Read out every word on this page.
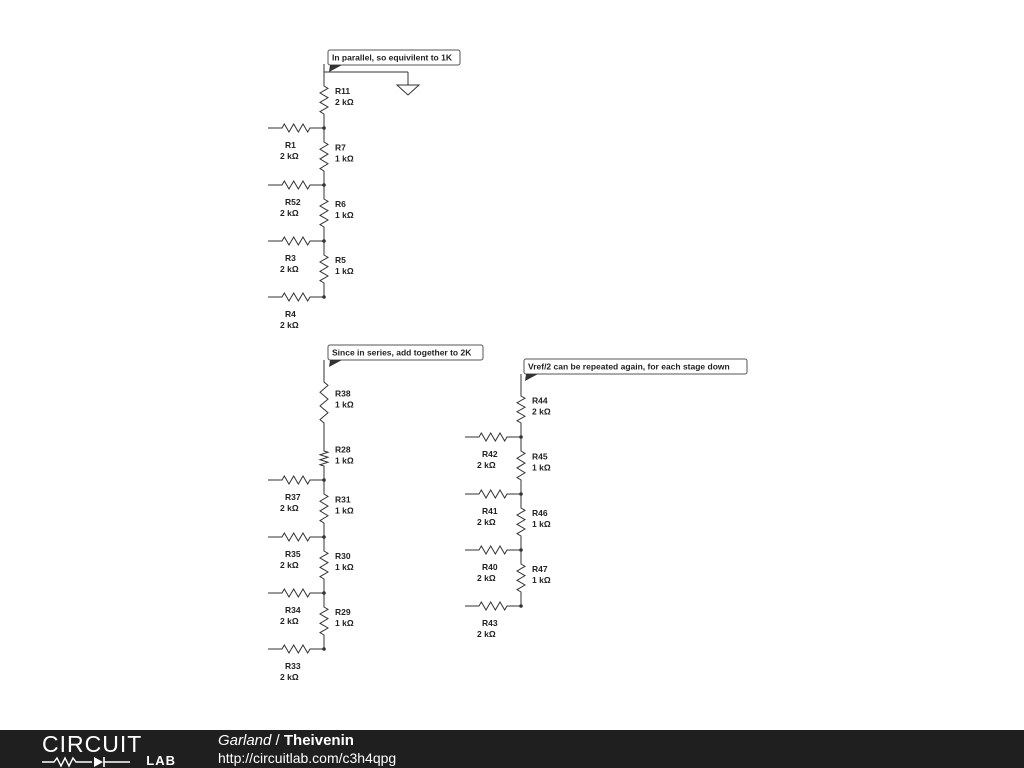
R11
2 kΩ
R7
1 kΩ
R6
1 kΩ
R5
1 kΩ
R1
2 kΩ
R52
2 kΩ
R3
2 kΩ
R4
2 kΩ
R38
1 kΩ
R28
1 kΩ
R31
1 kΩ
R30
1 kΩ
R29
1 kΩ
R37
2 kΩ
R35
2 kΩ
R34
2 kΩ
R33
2 kΩ
R44
2 kΩ
R45
1 kΩ
R46
1 kΩ
R47
1 kΩ
R42
2 kΩ
R41
2 kΩ
R40
2 kΩ
R43
2 kΩ
In parallel, so equivilent to 1K
Since in series, add together to 2K
Vref/2 can be repeated again, for each stage down
CIRCUIT
LAB
Garland / Theivenin
http://circuitlab.com/c3h4qpg
